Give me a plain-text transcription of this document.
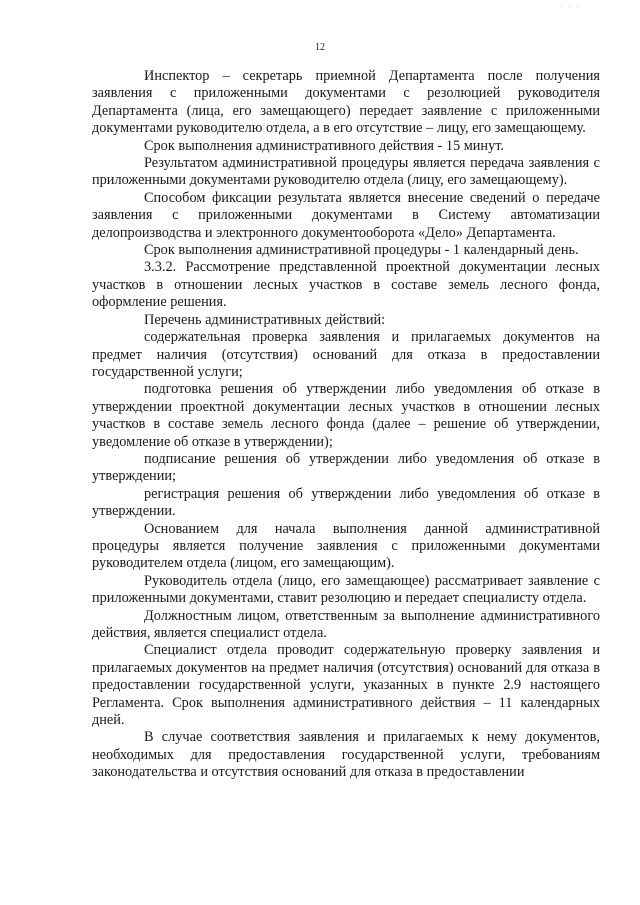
· · ·
12

Инспектор – секретарь приемной Департамента после получения заявления с приложенными документами с резолюцией руководителя Департамента (лица, его замещающего) передает заявление с приложенными документами руководителю отдела, а в его отсутствие – лицу, его замещающему.

Срок выполнения административного действия - 15 минут.

Результатом административной процедуры является передача заявления с приложенными документами руководителю отдела (лицу, его замещающему).

Способом фиксации результата является внесение сведений о передаче заявления с приложенными документами в Систему автоматизации делопроизводства и электронного документооборота «Дело» Департамента.

Срок выполнения административной процедуры - 1 календарный день.

3.3.2. Рассмотрение представленной проектной документации лесных участков в отношении лесных участков в составе земель лесного фонда, оформление решения.

Перечень административных действий:

содержательная проверка заявления и прилагаемых документов на предмет наличия (отсутствия) оснований для отказа в предоставлении государственной услуги;

подготовка решения об утверждении либо уведомления об отказе в утверждении проектной документации лесных участков в отношении лесных участков в составе земель лесного фонда (далее – решение об утверждении, уведомление об отказе в утверждении);

подписание решения об утверждении либо уведомления об отказе в утверждении;

регистрация решения об утверждении либо уведомления об отказе в утверждении.

Основанием для начала выполнения данной административной процедуры является получение заявления с приложенными документами руководителем отдела (лицом, его замещающим).

Руководитель отдела (лицо, его замещающее) рассматривает заявление с приложенными документами, ставит резолюцию и передает специалисту отдела.

Должностным лицом, ответственным за выполнение административного действия, является специалист отдела.

Специалист отдела проводит содержательную проверку заявления и прилагаемых документов на предмет наличия (отсутствия) оснований для отказа в предоставлении государственной услуги, указанных в пункте 2.9 настоящего Регламента. Срок выполнения административного действия – 11 календарных дней.

В случае соответствия заявления и прилагаемых к нему документов, необходимых для предоставления государственной услуги, требованиям законодательства и отсутствия оснований для отказа в предоставлении
